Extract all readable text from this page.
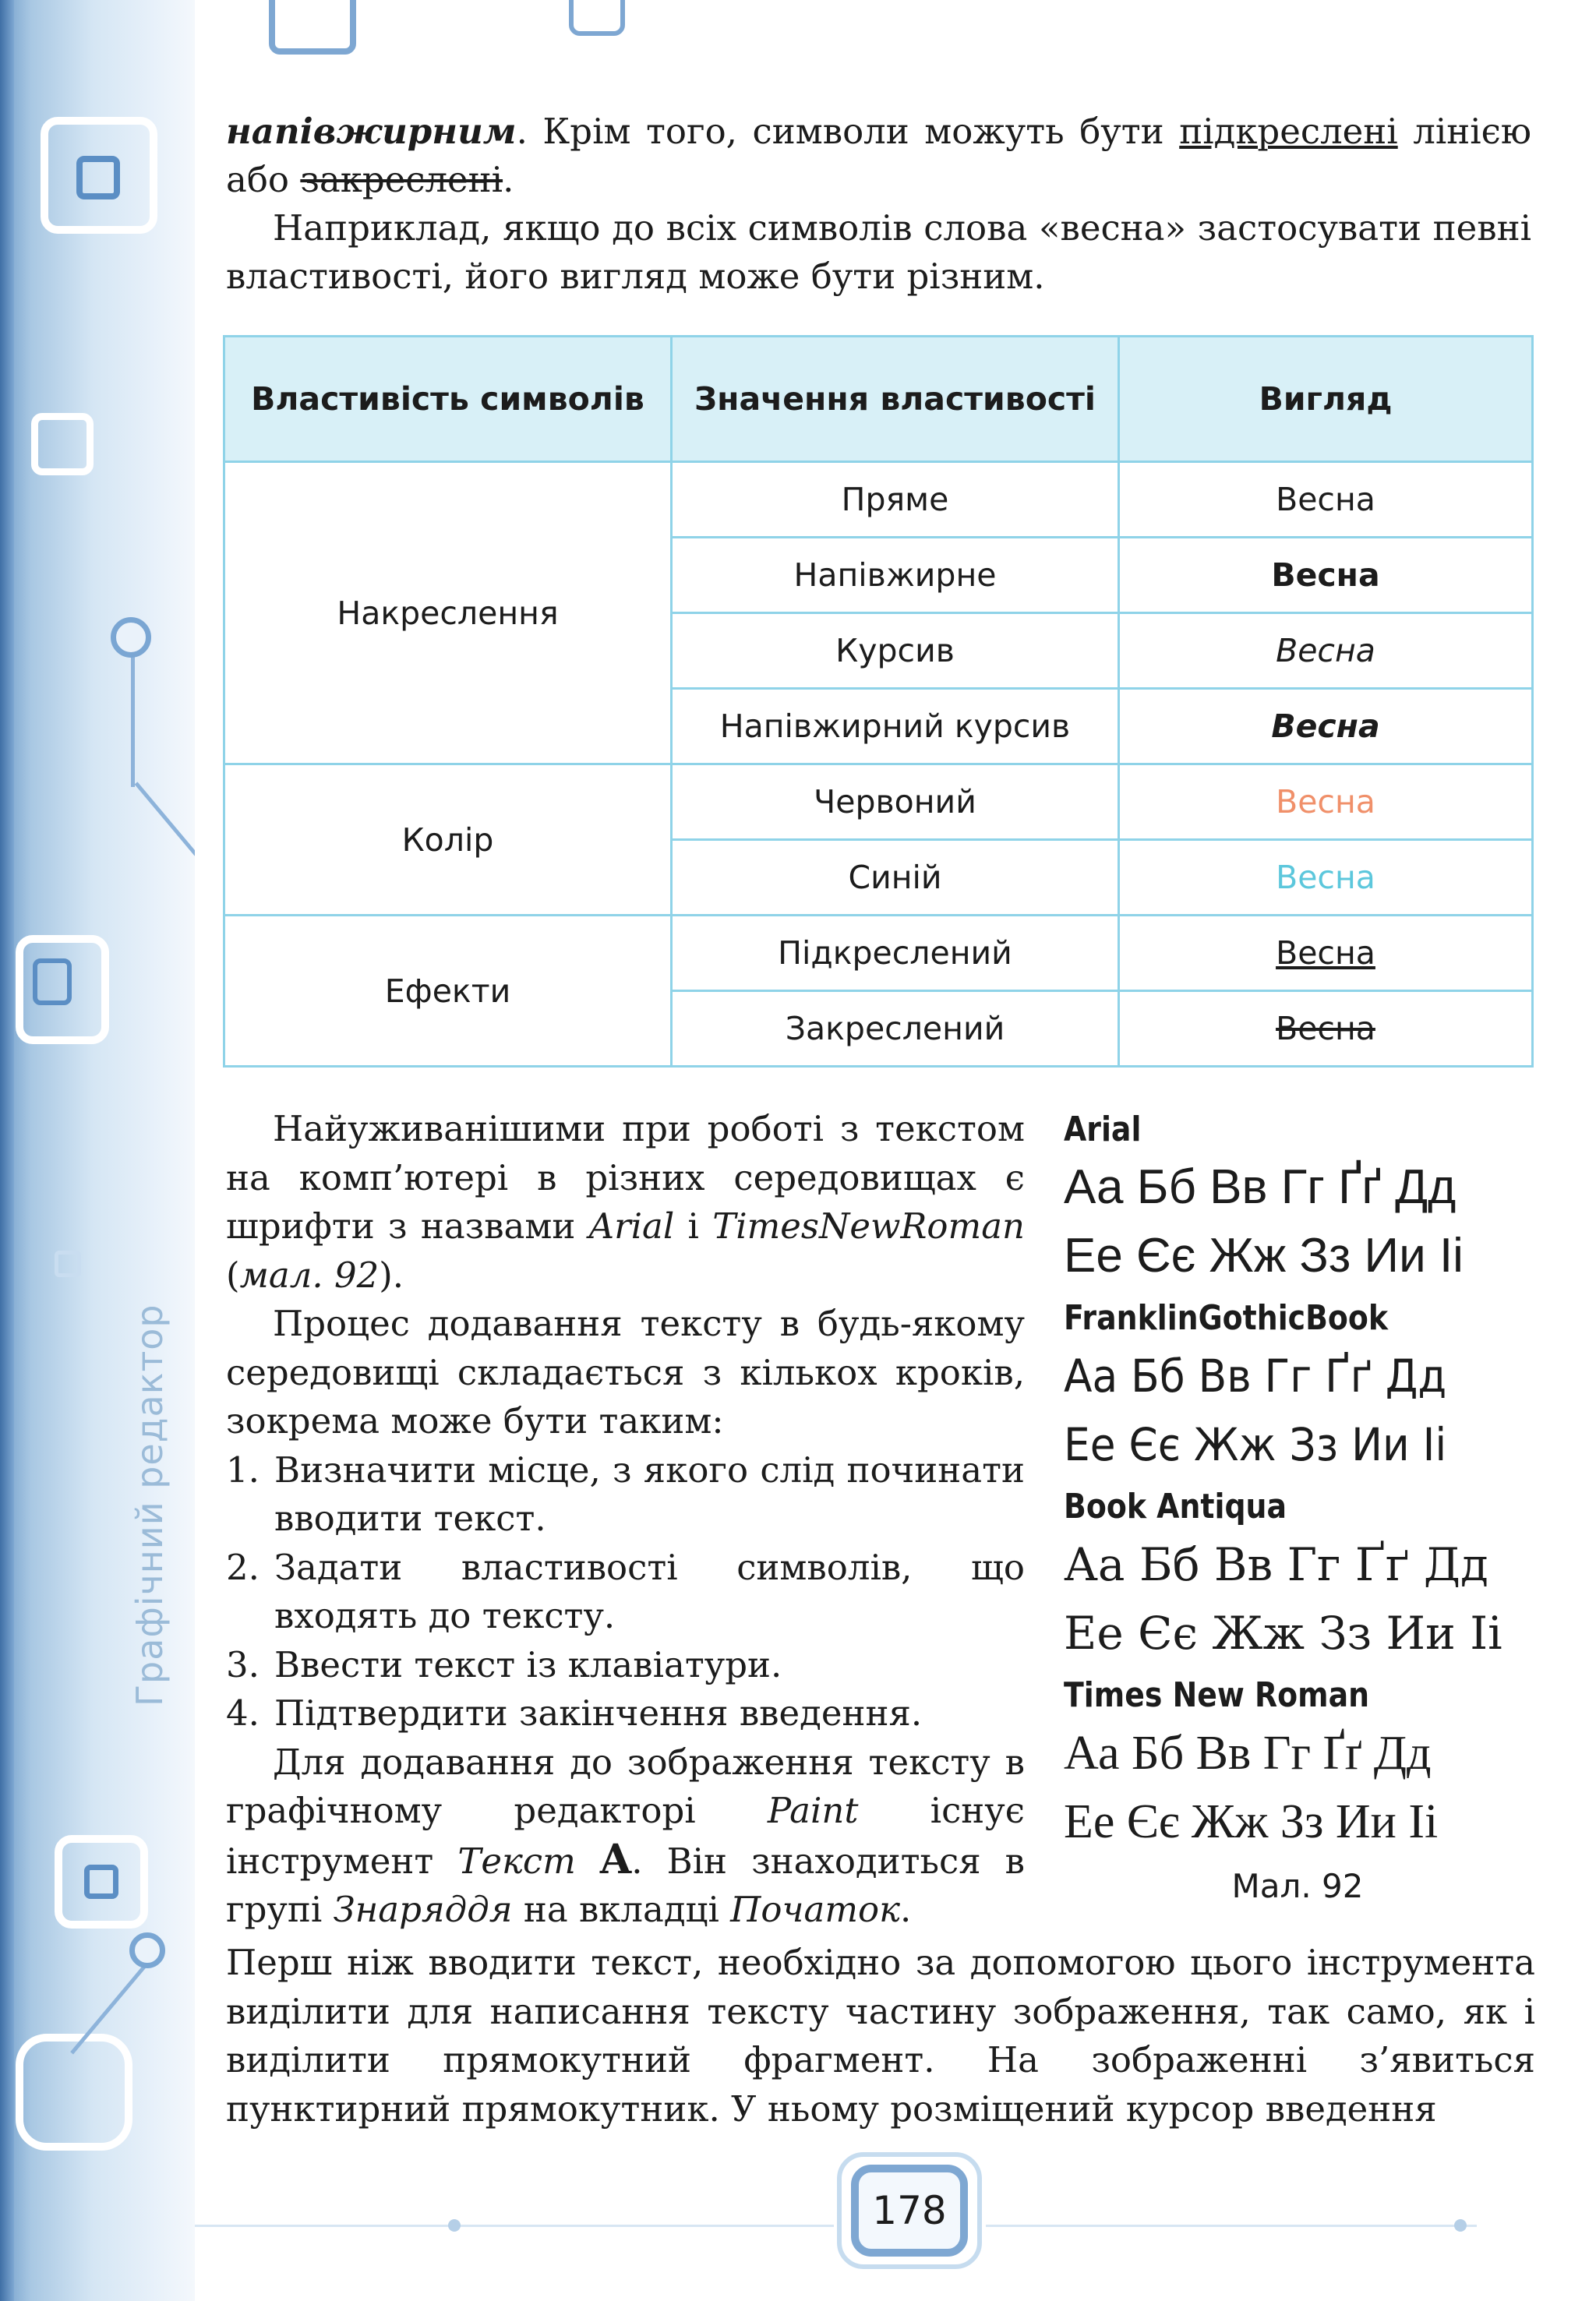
Графічний редактор

напівжирним. Крім того, символи можуть бути підкреслені лінією або закреслені.

Наприклад, якщо до всіх символів слова «весна» застосувати певні властивості, його вигляд може бути різним.

Властивість символів	Значення властивості	Вигляд
Накреслення	Пряме	Весна
	Напівжирне	Весна
	Курсив	Весна
	Напівжирний курсив	Весна
Колір	Червоний	Весна
	Синій	Весна
Ефекти	Підкреслений	Весна
	Закреслений	Весна

Найуживанішими при роботі з текстом на комп’ютері в різних середовищах є шрифти з назвами Arial і TimesNewRoman (мал. 92).

Процес додавання тексту в будь-якому середовищі складається з кількох кроків, зокрема може бути таким:

1. Визначити місце, з якого слід починати вводити текст.
2. Задати властивості символів, що входять до тексту.
3. Ввести текст із клавіатури.
4. Підтвердити закінчення введення.

Для додавання до зображення тексту в графічному редакторі Paint існує інструмент Текст A. Він знаходиться в групі Знаряддя на вкладці Початок.

Arial
Аа Бб Вв Гг Ґґ Дд
Ее Єє Жж Зз Ии Іі
FranklinGothicBook
Аа Бб Вв Гг Ґґ Дд
Ее Єє Жж Зз Ии Іі
Book Antiqua
Аа Бб Вв Гг Ґґ Дд
Ее Єє Жж Зз Ии Іі
Times New Roman
Аа Бб Вв Гг Ґґ Дд
Ее Єє Жж Зз Ии Іі
Мал. 92

Перш ніж вводити текст, необхідно за допомогою цього інструмента виділити для написання тексту частину зображення, так само, як і виділити прямокутний фрагмент. На зображенні з’явиться пунктирний прямокутник. У ньому розміщений курсор введення

178
